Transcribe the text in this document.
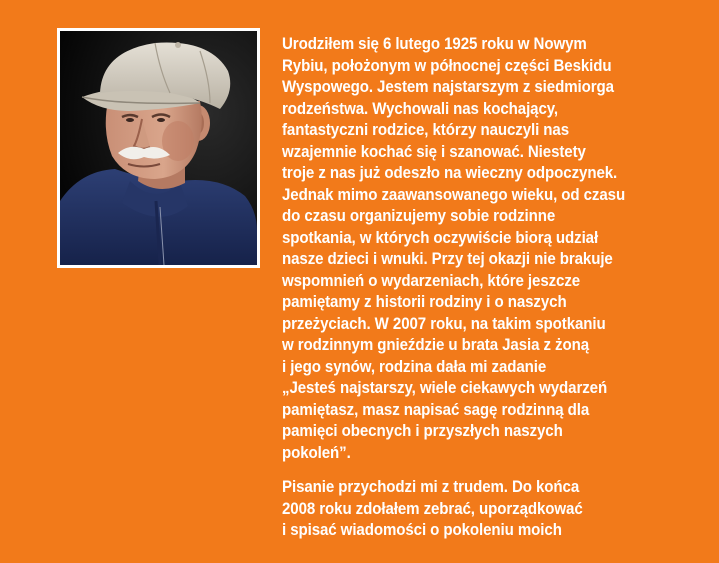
Urodziłem się 6 lutego 1925 roku w Nowym
Rybiu, położonym w północnej części Beskidu
Wyspowego. Jestem najstarszym z siedmiorga
rodzeństwa. Wychowali nas kochający,
fantastyczni rodzice, którzy nauczyli nas
wzajemnie kochać się i szanować. Niestety
troje z nas już odeszło na wieczny odpoczynek.
Jednak mimo zaawansowanego wieku, od czasu
do czasu organizujemy sobie rodzinne
spotkania, w których oczywiście biorą udział
nasze dzieci i wnuki. Przy tej okazji nie brakuje
wspomnień o wydarzeniach, które jeszcze
pamiętamy z historii rodziny i o naszych
przeżyciach. W 2007 roku, na takim spotkaniu
w rodzinnym gnieździe u brata Jasia z żoną
i jego synów, rodzina dała mi zadanie
„Jesteś najstarszy, wiele ciekawych wydarzeń
pamiętasz, masz napisać sagę rodzinną dla
pamięci obecnych i przyszłych naszych
pokoleń”.

Pisanie przychodzi mi z trudem. Do końca
2008 roku zdołałem zebrać, uporządkować
i spisać wiadomości o pokoleniu moich
